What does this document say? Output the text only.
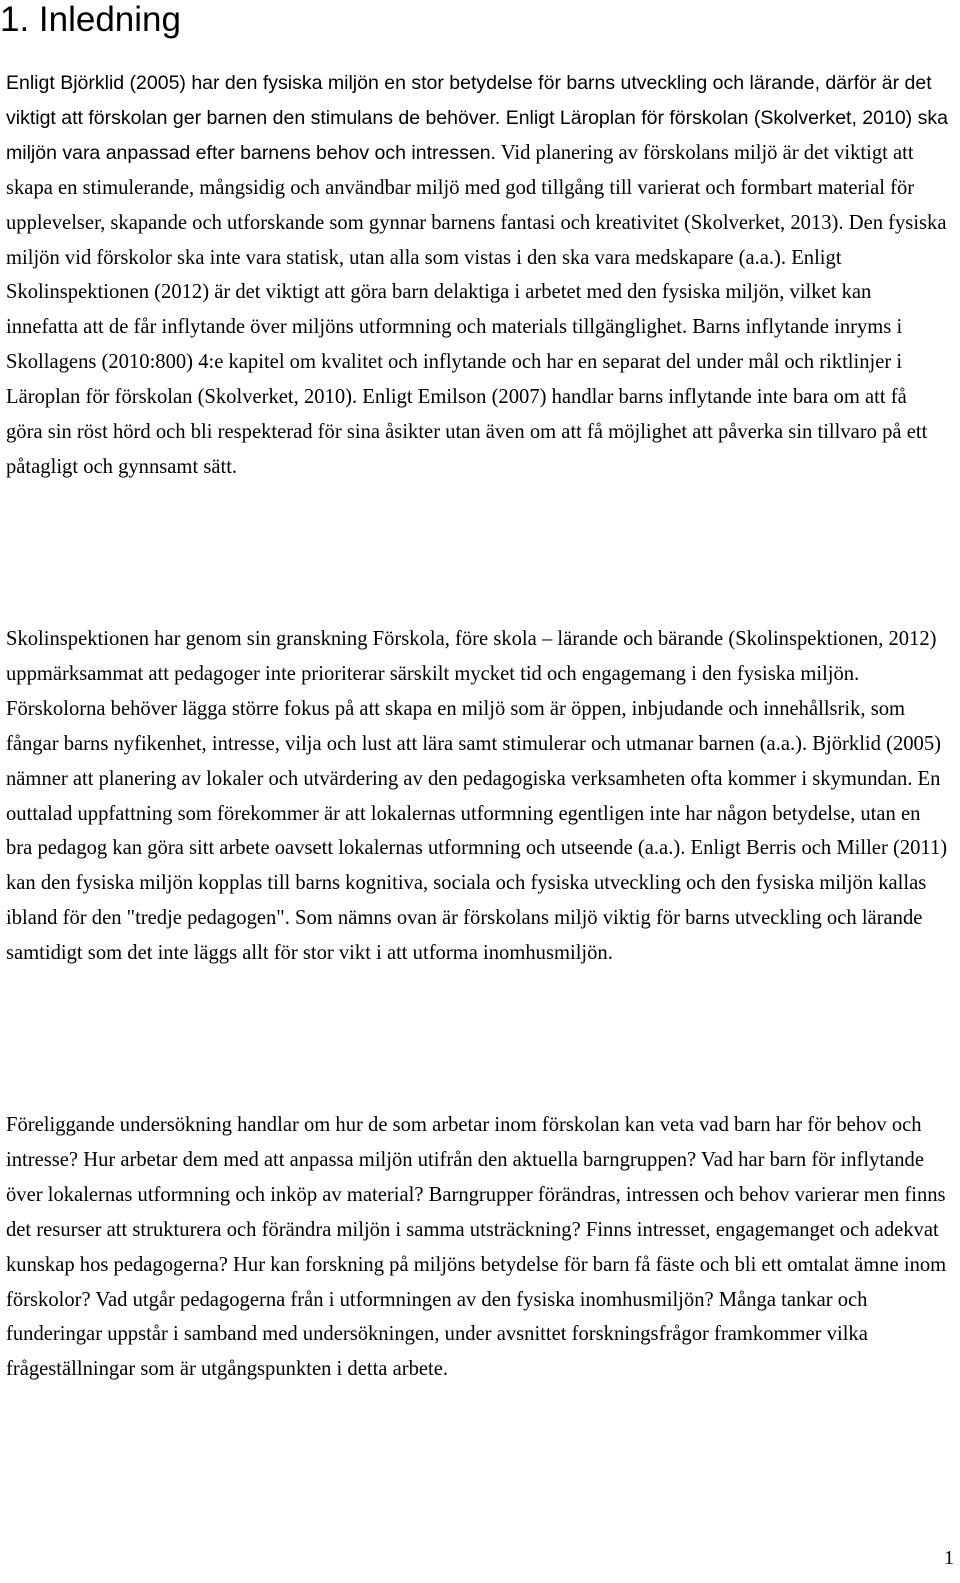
1. Inledning

Enligt Björklid (2005) har den fysiska miljön en stor betydelse för barns utveckling och lärande, därför är det viktigt att förskolan ger barnen den stimulans de behöver. Enligt Läroplan för förskolan (Skolverket, 2010) ska miljön vara anpassad efter barnens behov och intressen. Vid planering av förskolans miljö är det viktigt att skapa en stimulerande, mångsidig och användbar miljö med god tillgång till varierat och formbart material för upplevelser, skapande och utforskande som gynnar barnens fantasi och kreativitet (Skolverket, 2013). Den fysiska miljön vid förskolor ska inte vara statisk, utan alla som vistas i den ska vara medskapare (a.a.). Enligt Skolinspektionen (2012) är det viktigt att göra barn delaktiga i arbetet med den fysiska miljön, vilket kan innefatta att de får inflytande över miljöns utformning och materials tillgänglighet. Barns inflytande inryms i Skollagens (2010:800) 4:e kapitel om kvalitet och inflytande och har en separat del under mål och riktlinjer i Läroplan för förskolan (Skolverket, 2010). Enligt Emilson (2007) handlar barns inflytande inte bara om att få göra sin röst hörd och bli respekterad för sina åsikter utan även om att få möjlighet att påverka sin tillvaro på ett påtagligt och gynnsamt sätt.

Skolinspektionen har genom sin granskning Förskola, före skola – lärande och bärande (Skolinspektionen, 2012) uppmärksammat att pedagoger inte prioriterar särskilt mycket tid och engagemang i den fysiska miljön. Förskolorna behöver lägga större fokus på att skapa en miljö som är öppen, inbjudande och innehållsrik, som fångar barns nyfikenhet, intresse, vilja och lust att lära samt stimulerar och utmanar barnen (a.a.). Björklid (2005) nämner att planering av lokaler och utvärdering av den pedagogiska verksamheten ofta kommer i skymundan. En outtalad uppfattning som förekommer är att lokalernas utformning egentligen inte har någon betydelse, utan en bra pedagog kan göra sitt arbete oavsett lokalernas utformning och utseende (a.a.). Enligt Berris och Miller (2011) kan den fysiska miljön kopplas till barns kognitiva, sociala och fysiska utveckling och den fysiska miljön kallas ibland för den "tredje pedagogen". Som nämns ovan är förskolans miljö viktig för barns utveckling och lärande samtidigt som det inte läggs allt för stor vikt i att utforma inomhusmiljön.

Föreliggande undersökning handlar om hur de som arbetar inom förskolan kan veta vad barn har för behov och intresse? Hur arbetar dem med att anpassa miljön utifrån den aktuella barngruppen? Vad har barn för inflytande över lokalernas utformning och inköp av material? Barngrupper förändras, intressen och behov varierar men finns det resurser att strukturera och förändra miljön i samma utsträckning? Finns intresset, engagemanget och adekvat kunskap hos pedagogerna? Hur kan forskning på miljöns betydelse för barn få fäste och bli ett omtalat ämne inom förskolor? Vad utgår pedagogerna från i utformningen av den fysiska inomhusmiljön? Många tankar och funderingar uppstår i samband med undersökningen, under avsnittet forskningsfrågor framkommer vilka frågeställningar som är utgångspunkten i detta arbete.

1
